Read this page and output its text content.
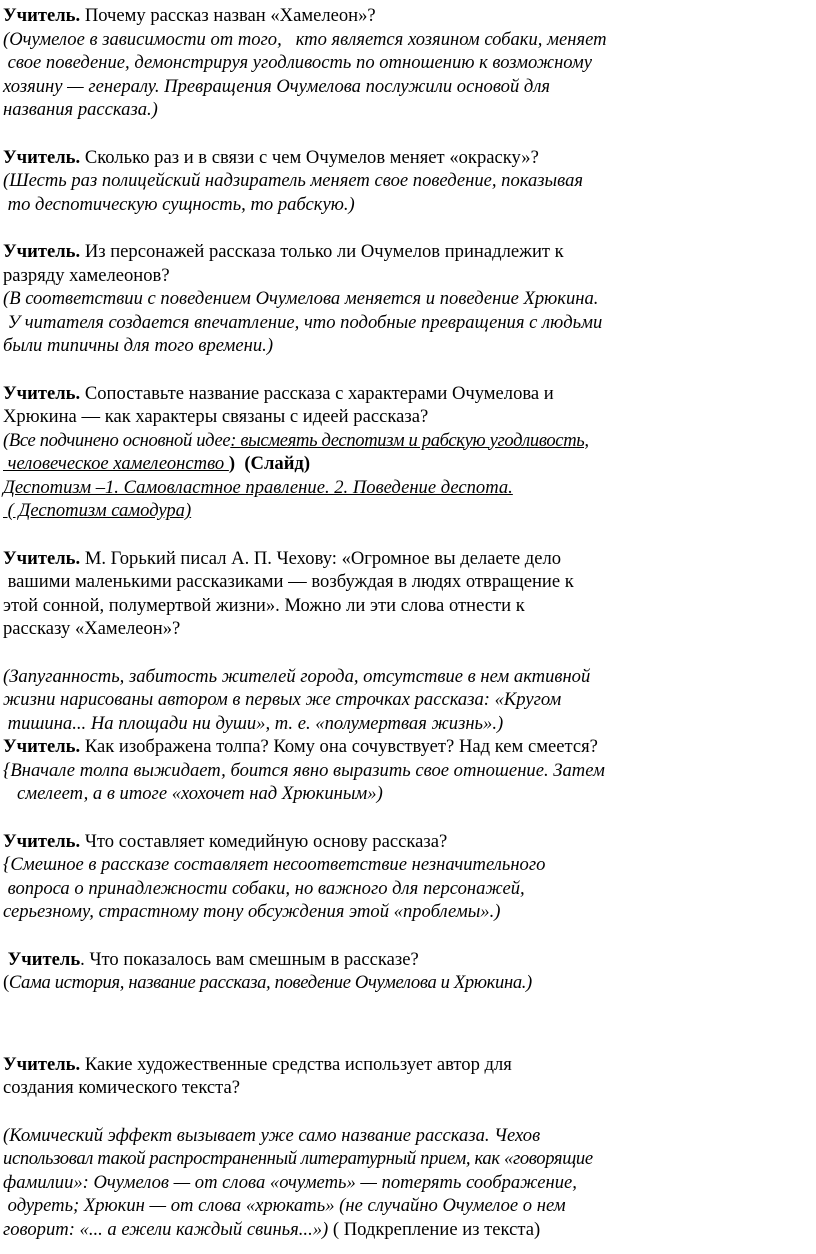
Учитель. Почему рассказ назван «Хамелеон»?
(Очумелое в зависимости от того,   кто является хозяином собаки, меняет
свое поведение, демонстрируя угодливость по отношению к возможному
хозяину — генералу. Превращения Очумелова послужили основой для
названия рассказа.)
Учитель. Сколько раз и в связи с чем Очумелов меняет «окраску»?
(Шесть раз полицейский надзиратель меняет свое поведение, показывая
то деспотическую сущность, то рабскую.)
Учитель. Из персонажей рассказа только ли Очумелов принадлежит к
разряду хамелеонов?
(В соответствии с поведением Очумелова меняется и поведение Хрюкина.
У читателя создается впечатление, что подобные превращения с людьми
были типичны для того времени.)
Учитель. Сопоставьте название рассказа с характерами Очумелова и
Хрюкина — как характеры связаны с идеей рассказа?
(Все подчинено основной идее: высмеять деспотизм и рабскую угодливость,
человеческое хамелеонство )  (Слайд)
Деспотизм –1. Самовластное правление. 2. Поведение деспота.
( Деспотизм самодура)
Учитель. М. Горький писал А. П. Чехову: «Огромное вы делаете дело
вашими маленькими рассказиками — возбуждая в людях отвращение к
этой сонной, полумертвой жизни». Можно ли эти слова отнести к
рассказу «Хамелеон»?
(Запуганность, забитость жителей города, отсутствие в нем активной
жизни нарисованы автором в первых же строчках рассказа: «Кругом
тишина... На площади ни души», т. е. «полумертвая жизнь».)
Учитель. Как изображена толпа? Кому она сочувствует? Над кем смеется?
{Вначале толпа выжидает, боится явно выразить свое отношение. Затем
смелеет, а в итоге «хохочет над Хрюкиным»)
Учитель. Что составляет комедийную основу рассказа?
{Смешное в рассказе составляет несоответствие незначительного
вопроса о принадлежности собаки, но важного для персонажей,
серьезному, страстному тону обсуждения этой «проблемы».)
Учитель. Что показалось вам смешным в рассказе?
(Сама история, название рассказа, поведение Очумелова и Хрюкина.)
Учитель. Какие художественные средства использует автор для
создания комического текста?
(Комический эффект вызывает уже само название рассказа. Чехов
использовал такой распространенный литературный прием, как «говорящие
фамилии»: Очумелов — от слова «очуметь» — потерять соображение,
одуреть; Хрюкин — от слова «хрюкать» (не случайно Очумелое о нем
говорит: «... а ежели каждый свинья...») ( Подкрепление из текста)
